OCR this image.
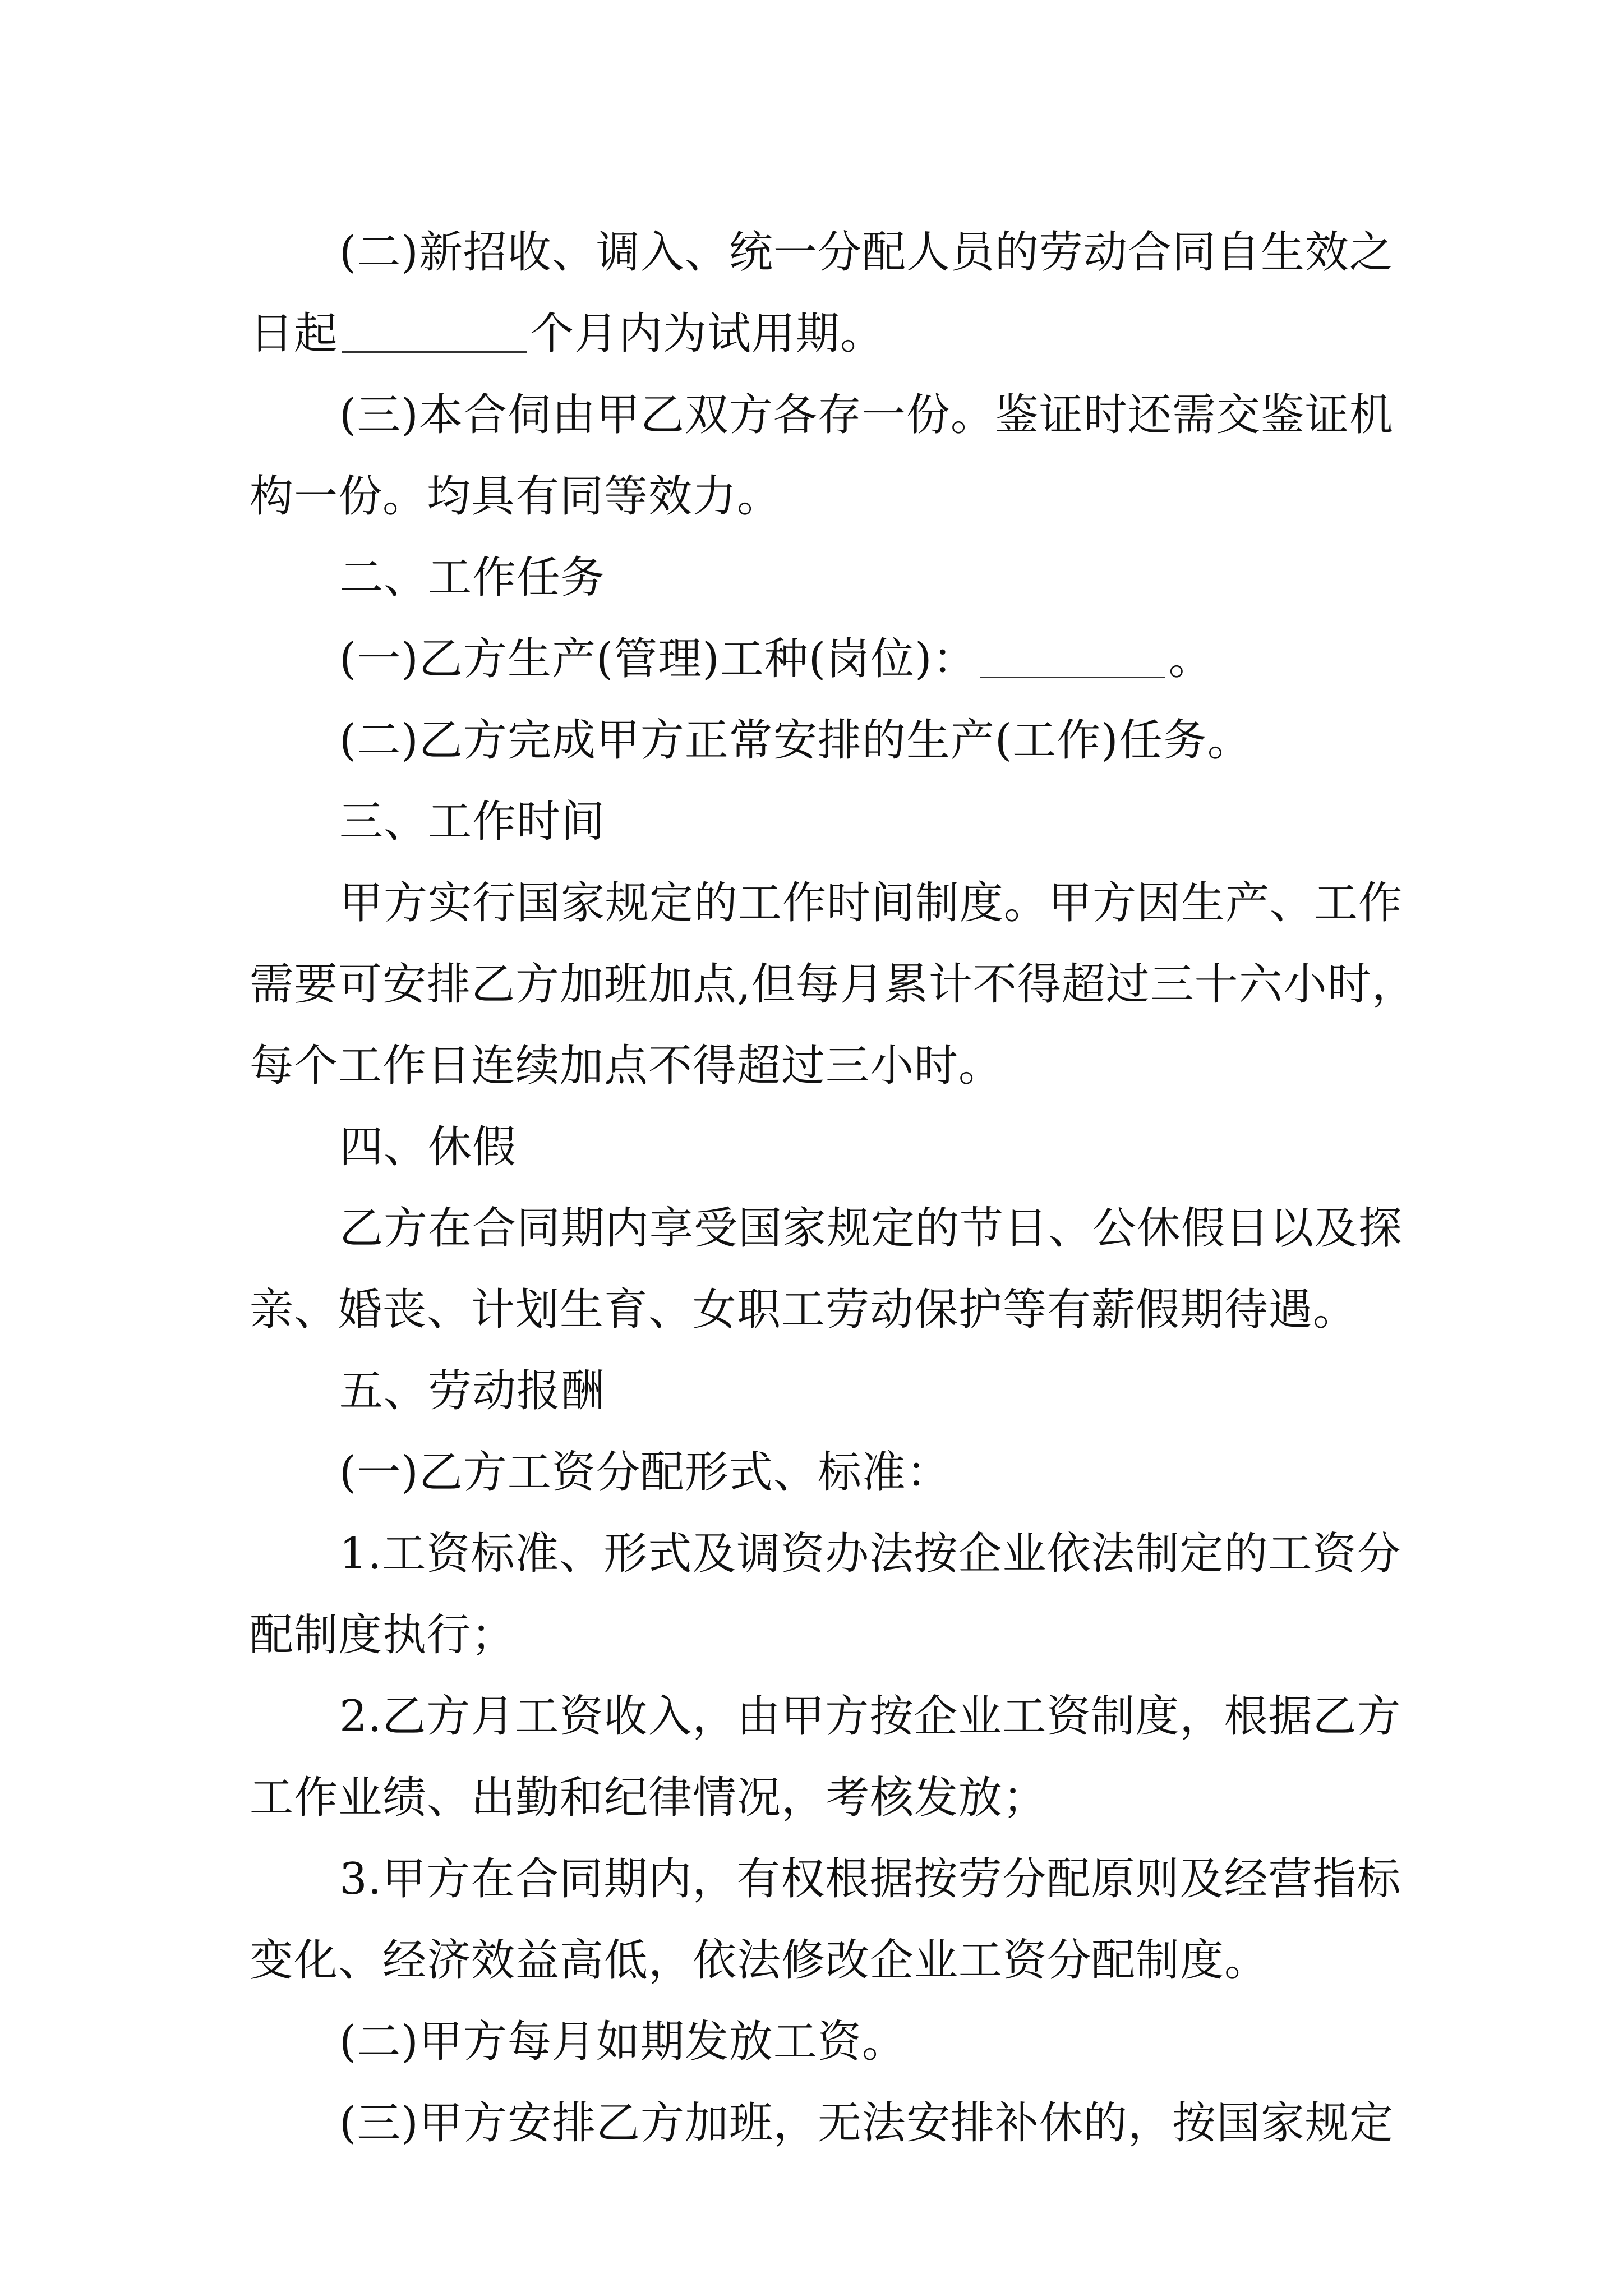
(二)新招收、调入、统一分配人员的劳动合同自生效之
日起	个月内为试用期。
(三)本合伺由甲乙双方各存一份。鉴证时还需交鉴证机
构一份。均具有同等效力。
二、工作任务
(一)乙方生产(管理)工种(岗位)：	。
(二)乙方完成甲方正常安排的生产(工作)任务。
三、工作时间
甲方实行国家规定的工作时间制度。甲方因生产、工作
需要可安排乙方加班加点,但每月累计不得超过三十六小时，
每个工作日连续加点不得超过三小时。
四、休假
乙方在合同期内享受国家规定的节日、公休假日以及探
亲、婚丧、计划生育、女职工劳动保护等有薪假期待遇。
五、劳动报酬
(一)乙方工资分配形式、标准：
1.工资标准、形式及调资办法按企业依法制定的工资分
配制度执行；
2.乙方月工资收入，由甲方按企业工资制度，根据乙方
工作业绩、出勤和纪律情况，考核发放；
3.甲方在合同期内，有权根据按劳分配原则及经营指标
变化、经济效益高低，依法修改企业工资分配制度。
(二)甲方每月如期发放工资。
(三)甲方安排乙方加班，无法安排补休的，按国家规定
